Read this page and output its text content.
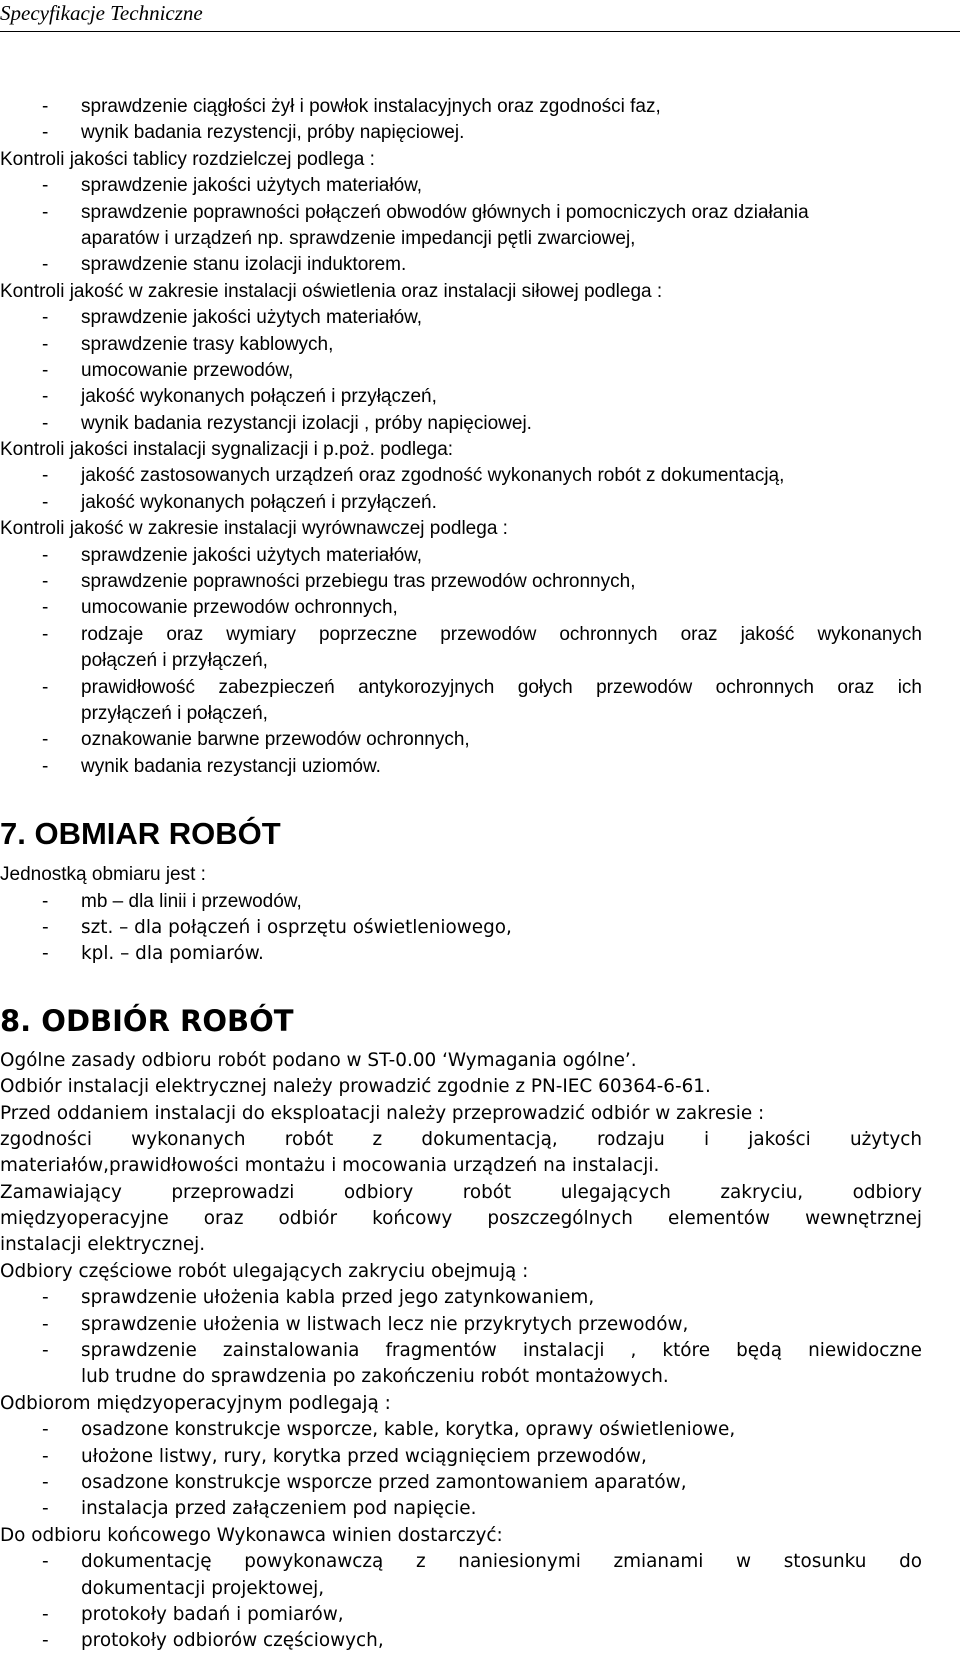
Specyfikacje Techniczne
- sprawdzenie ciągłości żył i powłok instalacyjnych oraz zgodności faz,
- wynik badania rezystencji, próby napięciowej.
Kontroli jakości tablicy rozdzielczej podlega :
- sprawdzenie jakości użytych materiałów,
- sprawdzenie poprawności połączeń obwodów głównych i pomocniczych oraz działania
aparatów i urządzeń np. sprawdzenie impedancji pętli zwarciowej,
- sprawdzenie stanu izolacji induktorem.
Kontroli jakość w zakresie instalacji oświetlenia oraz instalacji siłowej podlega :
- sprawdzenie jakości użytych materiałów,
- sprawdzenie trasy kablowych,
- umocowanie przewodów,
- jakość wykonanych połączeń i przyłączeń,
- wynik badania rezystancji izolacji , próby napięciowej.
Kontroli jakości instalacji sygnalizacji i p.poż. podlega:
- jakość zastosowanych urządzeń oraz zgodność wykonanych robót z dokumentacją,
- jakość wykonanych połączeń i przyłączeń.
Kontroli jakość w zakresie instalacji wyrównawczej podlega :
- sprawdzenie jakości użytych materiałów,
- sprawdzenie poprawności przebiegu tras przewodów ochronnych,
- umocowanie przewodów ochronnych,
- rodzaje oraz wymiary poprzeczne przewodów ochronnych oraz jakość wykonanych
połączeń i przyłączeń,
- prawidłowość zabezpieczeń antykorozyjnych gołych przewodów ochronnych oraz ich
przyłączeń i połączeń,
- oznakowanie barwne przewodów ochronnych,
- wynik badania rezystancji uziomów.
7. OBMIAR ROBÓT
Jednostką obmiaru jest :
- mb – dla linii i przewodów,
- szt. – dla połączeń i osprzętu oświetleniowego,
- kpl. – dla pomiarów.
8. ODBIÓR ROBÓT
Ogólne zasady odbioru robót podano w ST-0.00 ‘Wymagania ogólne’.
Odbiór instalacji elektrycznej należy prowadzić zgodnie z PN-IEC 60364-6-61.
Przed oddaniem instalacji do eksploatacji należy przeprowadzić odbiór w zakresie :
zgodności wykonanych robót z dokumentacją, rodzaju i jakości użytych
materiałów,prawidłowości montażu i mocowania urządzeń na instalacji.
Zamawiający przeprowadzi odbiory robót ulegających zakryciu, odbiory
międzyoperacyjne oraz odbiór końcowy poszczególnych elementów wewnętrznej
instalacji elektrycznej.
Odbiory częściowe robót ulegających zakryciu obejmują :
- sprawdzenie ułożenia kabla przed jego zatynkowaniem,
- sprawdzenie ułożenia w listwach lecz nie przykrytych przewodów,
- sprawdzenie zainstalowania fragmentów instalacji , które będą niewidoczne
lub trudne do sprawdzenia po zakończeniu robót montażowych.
Odbiorom międzyoperacyjnym podlegają :
- osadzone konstrukcje wsporcze, kable, korytka, oprawy oświetleniowe,
- ułożone listwy, rury, korytka przed wciągnięciem przewodów,
- osadzone konstrukcje wsporcze przed zamontowaniem aparatów,
- instalacja przed załączeniem pod napięcie.
Do odbioru końcowego Wykonawca winien dostarczyć:
- dokumentację powykonawczą z naniesionymi zmianami w stosunku do
dokumentacji projektowej,
- protokoły badań i pomiarów,
- protokoły odbiorów częściowych,
